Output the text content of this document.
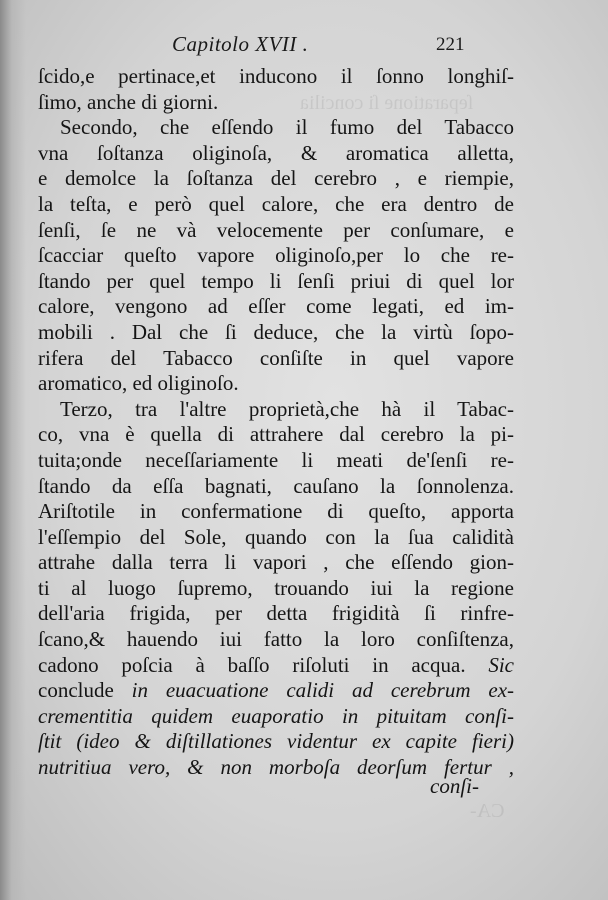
ſeparatione ſi concilia
CA-
Capitolo XVII .	221
ſcido,e pertinace,et inducono il ſonno longhiſ-
ſimo, anche di giorni.
Secondo, che eſſendo il fumo del Tabacco
vna ſoſtanza oliginoſa, & aromatica alletta,
e demolce la ſoſtanza del cerebro , e riempie,
la teſta, e però quel calore, che era dentro de
ſenſi, ſe ne và velocemente per conſumare, e
ſcacciar queſto vapore oliginoſo,per lo che re-
ſtando per quel tempo li ſenſi priui di quel lor
calore, vengono ad eſſer come legati, ed im-
mobili . Dal che ſi deduce, che la virtù ſopo-
rifera del Tabacco conſiſte in quel vapore
aromatico, ed oliginoſo.
Terzo, tra l'altre proprietà,che hà il Tabac-
co, vna è quella di attrahere dal cerebro la pi-
tuita;onde neceſſariamente li meati de'ſenſi re-
ſtando da eſſa bagnati, cauſano la ſonnolenza.
Ariſtotile in confermatione di queſto, apporta
l'eſſempio del Sole, quando con la ſua calidità
attrahe dalla terra li vapori , che eſſendo gion-
ti al luogo ſupremo, trouando iui la regione
dell'aria frigida, per detta frigidità ſi rinfre-
ſcano,& hauendo iui fatto la loro conſiſtenza,
cadono poſcia à baſſo riſoluti in acqua. Sic
conclude in euacuatione calidi ad cerebrum ex-
crementitia quidem euaporatio in pituitam conſi-
ſtit (ideo & diſtillationes videntur ex capite fieri)
nutritiua vero, & non morboſa deorſum fertur ,
conſi-
